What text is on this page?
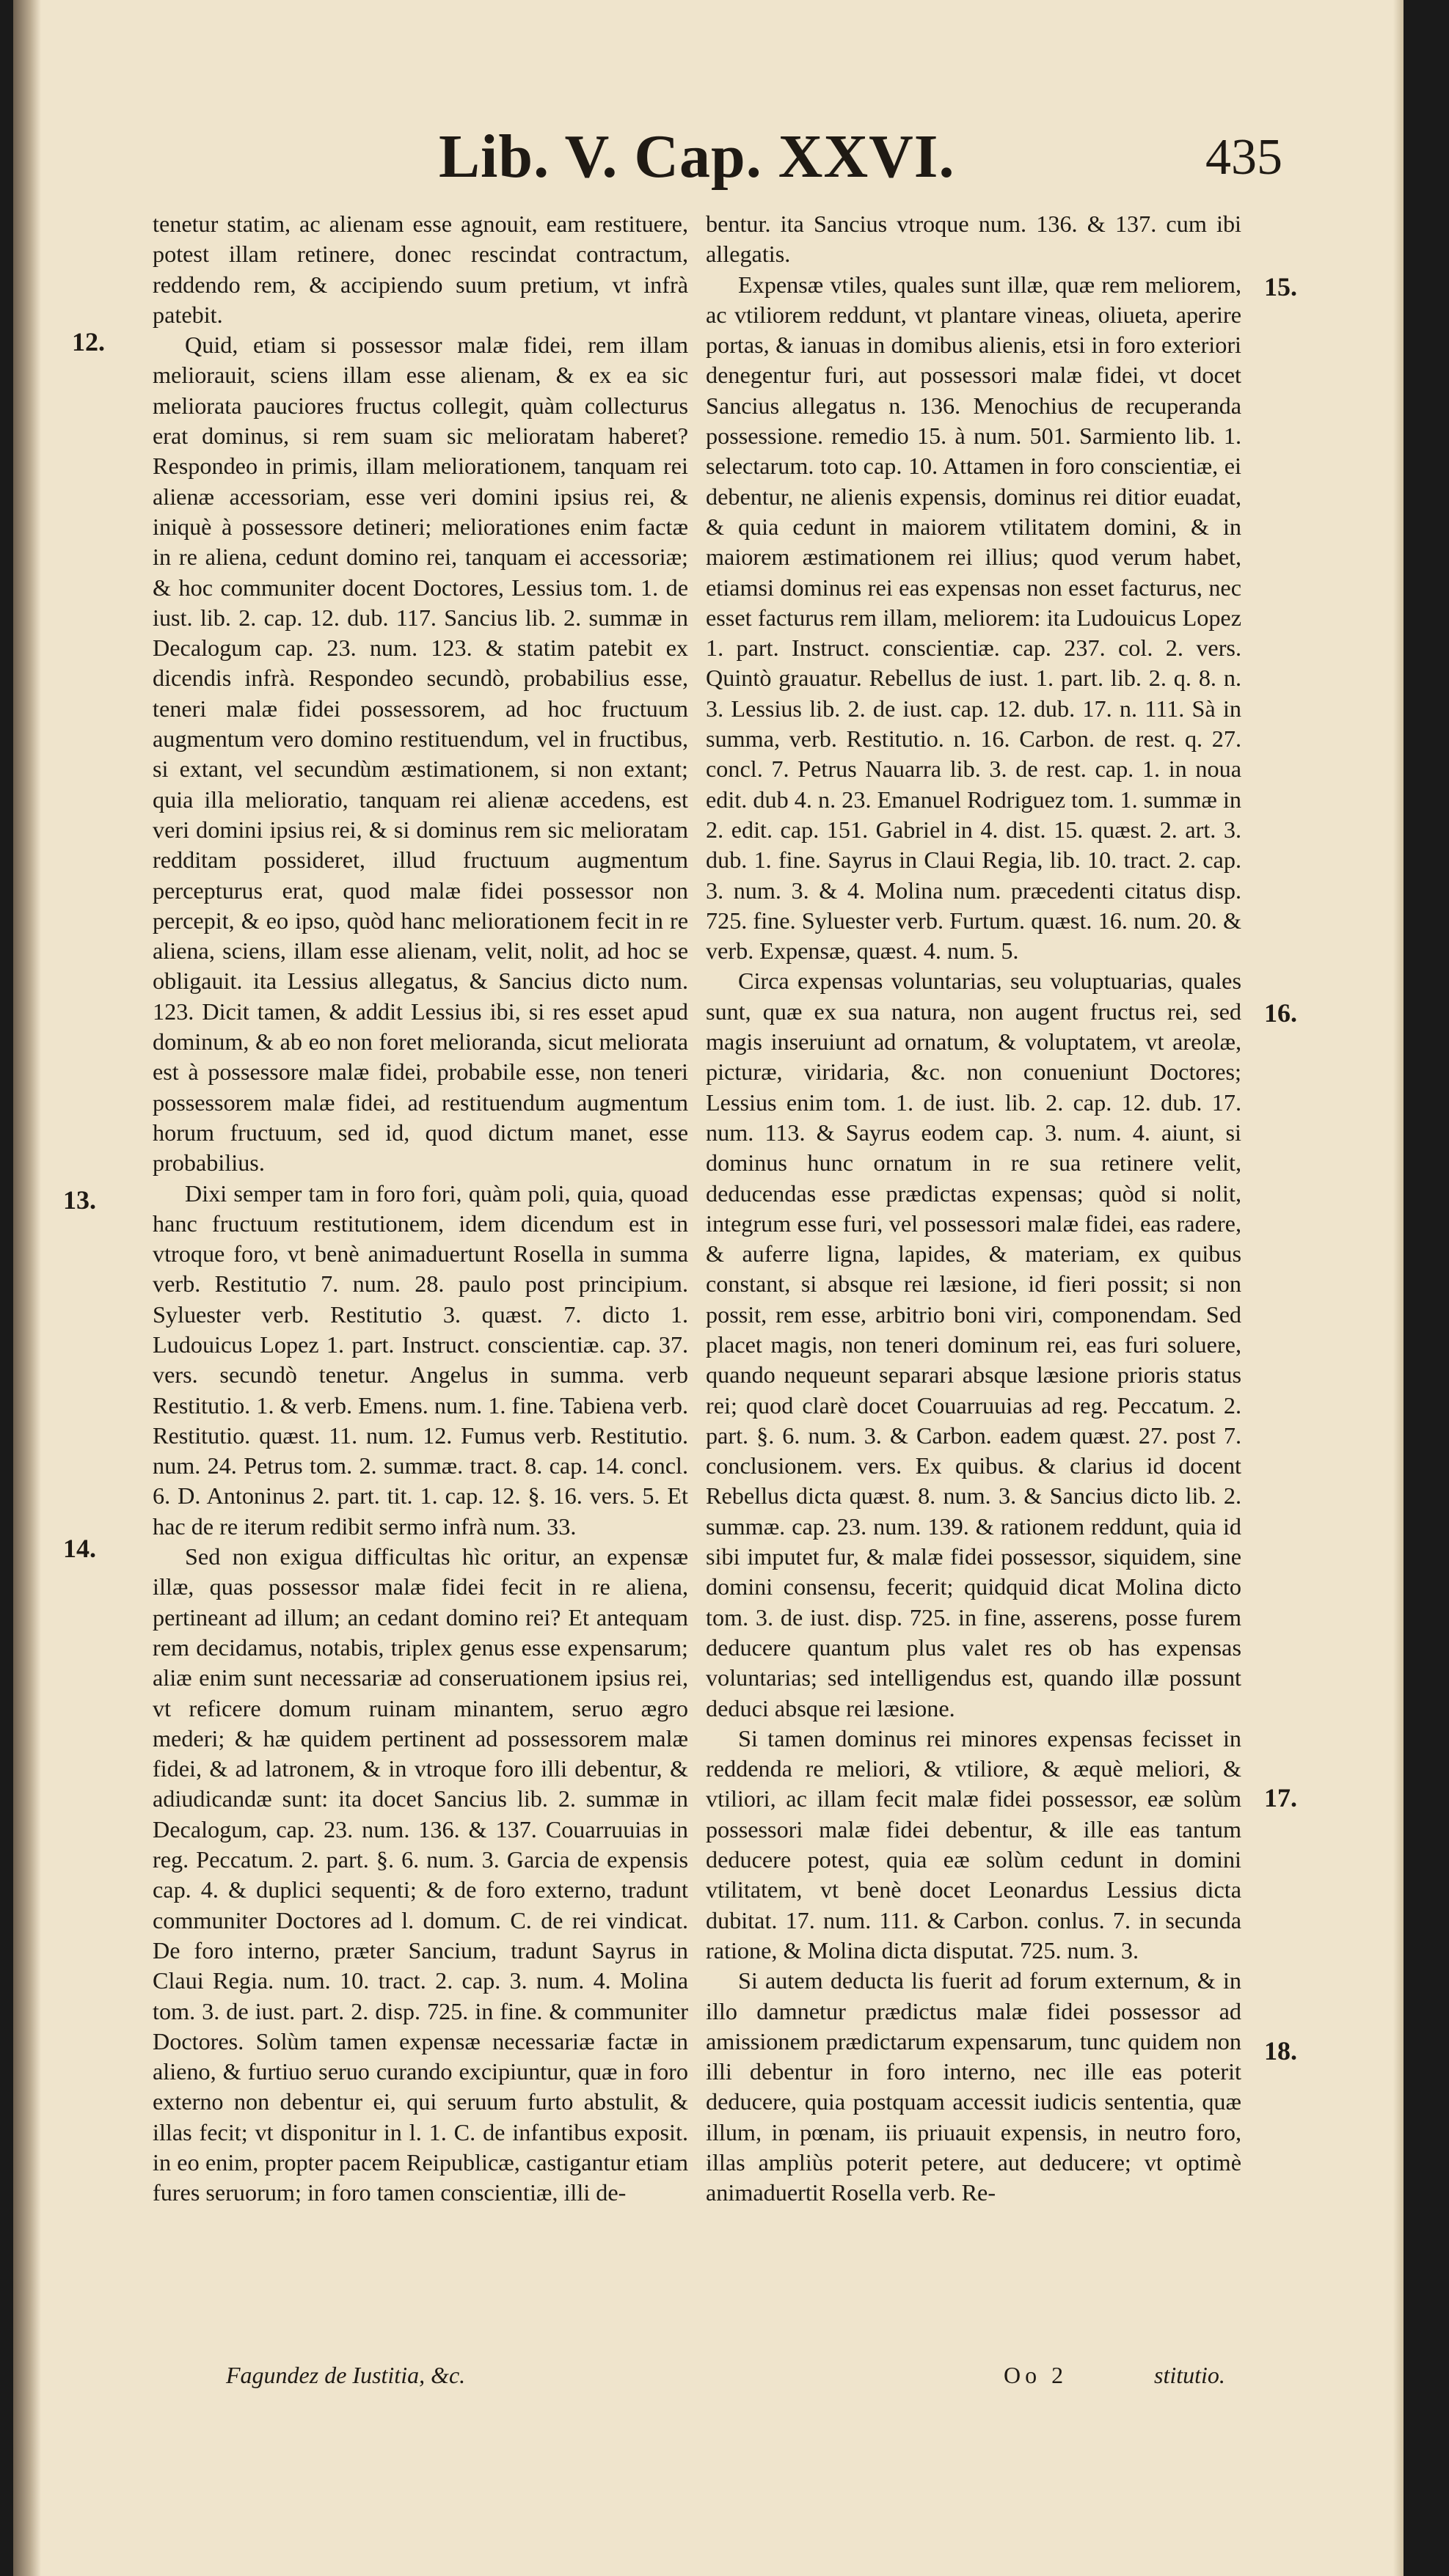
Lib. V. Cap. XXVI.	435

tenetur statim, ac alienam esse agnouit, eam restituere, potest illam retinere, donec rescindat contractum, reddendo rem, & accipiendo suum pretium, vt infrà patebit.

Quid, etiam si possessor malæ fidei, rem illam meliorauit, sciens illam esse alienam, & ex ea sic meliorata pauciores fructus collegit, quàm collecturus erat dominus, si rem suam sic melioratam haberet? Respondeo in primis, illam meliorationem, tanquam rei alienæ accessoriam, esse veri domini ipsius rei, & iniquè à possessore detineri; meliorationes enim factæ in re aliena, cedunt domino rei, tanquam ei accessoriæ; & hoc communiter docent Doctores, Lessius tom. 1. de iust. lib. 2. cap. 12. dub. 117. Sancius lib. 2. summæ in Decalogum cap. 23. num. 123. & statim patebit ex dicendis infrà. Respondeo secundò, probabilius esse, teneri malæ fidei possessorem, ad hoc fructuum augmentum vero domino restituendum, vel in fructibus, si extant, vel secundùm æstimationem, si non extant; quia illa melioratio, tanquam rei alienæ accedens, est veri domini ipsius rei, & si dominus rem sic melioratam redditam possideret, illud fructuum augmentum percepturus erat, quod malæ fidei possessor non percepit, & eo ipso, quòd hanc meliorationem fecit in re aliena, sciens, illam esse alienam, velit, nolit, ad hoc se obligauit. ita Lessius allegatus, & Sancius dicto num. 123. Dicit tamen, & addit Lessius ibi, si res esset apud dominum, & ab eo non foret melioranda, sicut meliorata est à possessore malæ fidei, probabile esse, non teneri possessorem malæ fidei, ad restituendum augmentum horum fructuum, sed id, quod dictum manet, esse probabilius.

Dixi semper tam in foro fori, quàm poli, quia, quoad hanc fructuum restitutionem, idem dicendum est in vtroque foro, vt benè animaduertunt Rosella in summa verb. Restitutio 7. num. 28. paulo post principium. Syluester verb. Restitutio 3. quæst. 7. dicto 1. Ludouicus Lopez 1. part. Instruct. conscientiæ. cap. 37. vers. secundò tenetur. Angelus in summa. verb Restitutio. 1. & verb. Emens. num. 1. fine. Tabiena verb. Restitutio. quæst. 11. num. 12. Fumus verb. Restitutio. num. 24. Petrus tom. 2. summæ. tract. 8. cap. 14. concl. 6. D. Antoninus 2. part. tit. 1. cap. 12. §. 16. vers. 5. Et hac de re iterum redibit sermo infrà num. 33.

Sed non exigua difficultas hìc oritur, an expensæ illæ, quas possessor malæ fidei fecit in re aliena, pertineant ad illum; an cedant domino rei? Et antequam rem decidamus, notabis, triplex genus esse expensarum; aliæ enim sunt necessariæ ad conseruationem ipsius rei, vt reficere domum ruinam minantem, seruo ægro mederi; & hæ quidem pertinent ad possessorem malæ fidei, & ad latronem, & in vtroque foro illi debentur, & adiudicandæ sunt: ita docet Sancius lib. 2. summæ in Decalogum, cap. 23. num. 136. & 137. Couarruuias in reg. Peccatum. 2. part. §. 6. num. 3. Garcia de expensis cap. 4. & duplici sequenti; & de foro externo, tradunt communiter Doctores ad l. domum. C. de rei vindicat. De foro interno, præter Sancium, tradunt Sayrus in Claui Regia. num. 10. tract. 2. cap. 3. num. 4. Molina tom. 3. de iust. part. 2. disp. 725. in fine. & communiter Doctores. Solùm tamen expensæ necessariæ factæ in alieno, & furtiuo seruo curando excipiuntur, quæ in foro externo non debentur ei, qui seruum furto abstulit, & illas fecit; vt disponitur in l. 1. C. de infantibus exposit. in eo enim, propter pacem Reipublicæ, castigantur etiam fures seruorum; in foro tamen conscientiæ, illi de-

bentur. ita Sancius vtroque num. 136. & 137. cum ibi allegatis.

Expensæ vtiles, quales sunt illæ, quæ rem meliorem, ac vtiliorem reddunt, vt plantare vineas, oliueta, aperire portas, & ianuas in domibus alienis, etsi in foro exteriori denegentur furi, aut possessori malæ fidei, vt docet Sancius allegatus n. 136. Menochius de recuperanda possessione. remedio 15. à num. 501. Sarmiento lib. 1. selectarum. toto cap. 10. Attamen in foro conscientiæ, ei debentur, ne alienis expensis, dominus rei ditior euadat, & quia cedunt in maiorem vtilitatem domini, & in maiorem æstimationem rei illius; quod verum habet, etiamsi dominus rei eas expensas non esset facturus, nec esset facturus rem illam, meliorem: ita Ludouicus Lopez 1. part. Instruct. conscientiæ. cap. 237. col. 2. vers. Quintò grauatur. Rebellus de iust. 1. part. lib. 2. q. 8. n. 3. Lessius lib. 2. de iust. cap. 12. dub. 17. n. 111. Sà in summa, verb. Restitutio. n. 16. Carbon. de rest. q. 27. concl. 7. Petrus Nauarra lib. 3. de rest. cap. 1. in noua edit. dub 4. n. 23. Emanuel Rodriguez tom. 1. summæ in 2. edit. cap. 151. Gabriel in 4. dist. 15. quæst. 2. art. 3. dub. 1. fine. Sayrus in Claui Regia, lib. 10. tract. 2. cap. 3. num. 3. & 4. Molina num. præcedenti citatus disp. 725. fine. Syluester verb. Furtum. quæst. 16. num. 20. & verb. Expensæ, quæst. 4. num. 5.

Circa expensas voluntarias, seu voluptuarias, quales sunt, quæ ex sua natura, non augent fructus rei, sed magis inseruiunt ad ornatum, & voluptatem, vt areolæ, picturæ, viridaria, &c. non conueniunt Doctores; Lessius enim tom. 1. de iust. lib. 2. cap. 12. dub. 17. num. 113. & Sayrus eodem cap. 3. num. 4. aiunt, si dominus hunc ornatum in re sua retinere velit, deducendas esse prædictas expensas; quòd si nolit, integrum esse furi, vel possessori malæ fidei, eas radere, & auferre ligna, lapides, & materiam, ex quibus constant, si absque rei læsione, id fieri possit; si non possit, rem esse, arbitrio boni viri, componendam. Sed placet magis, non teneri dominum rei, eas furi soluere, quando nequeunt separari absque læsione prioris status rei; quod clarè docet Couarruuias ad reg. Peccatum. 2. part. §. 6. num. 3. & Carbon. eadem quæst. 27. post 7. conclusionem. vers. Ex quibus. & clarius id docent Rebellus dicta quæst. 8. num. 3. & Sancius dicto lib. 2. summæ. cap. 23. num. 139. & rationem reddunt, quia id sibi imputet fur, & malæ fidei possessor, siquidem, sine domini consensu, fecerit; quidquid dicat Molina dicto tom. 3. de iust. disp. 725. in fine, asserens, posse furem deducere quantum plus valet res ob has expensas voluntarias; sed intelligendus est, quando illæ possunt deduci absque rei læsione.

Si tamen dominus rei minores expensas fecisset in reddenda re meliori, & vtiliore, & æquè meliori, & vtiliori, ac illam fecit malæ fidei possessor, eæ solùm possessori malæ fidei debentur, & ille eas tantum deducere potest, quia eæ solùm cedunt in domini vtilitatem, vt benè docet Leonardus Lessius dicta dubitat. 17. num. 111. & Carbon. conlus. 7. in secunda ratione, & Molina dicta disputat. 725. num. 3.

Si autem deducta lis fuerit ad forum externum, & in illo damnetur prædictus malæ fidei possessor ad amissionem prædictarum expensarum, tunc quidem non illi debentur in foro interno, nec ille eas poterit deducere, quia postquam accessit iudicis sententia, quæ illum, in pœnam, iis priuauit expensis, in neutro foro, illas ampliùs poterit petere, aut deducere; vt optimè animaduertit Rosella verb. Re-

12.
13.
14.
15.
16.
17.
18.
Fagundez de Iustitia, &c.	Oo 2	stitutio.
